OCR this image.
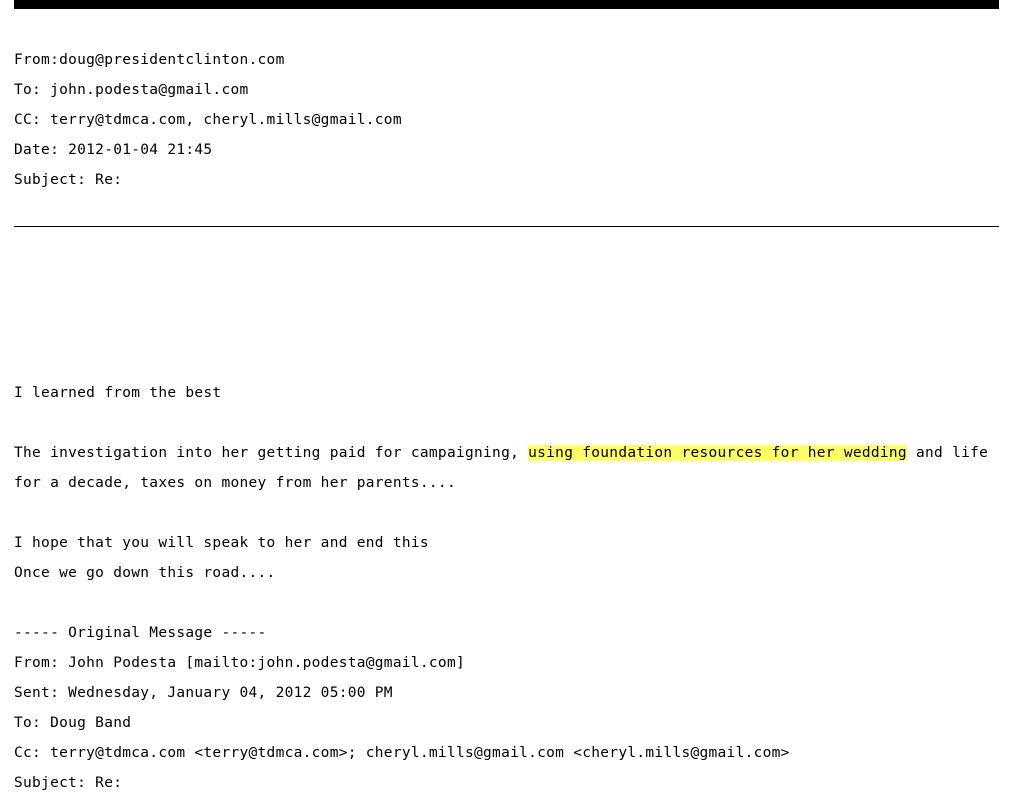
From:doug@presidentclinton.com
To: john.podesta@gmail.com
CC: terry@tdmca.com, cheryl.mills@gmail.com
Date: 2012-01-04 21:45
Subject: Re:
I learned from the best
The investigation into her getting paid for campaigning, using foundation resources for her wedding and life for a decade, taxes on money from her parents....
I hope that you will speak to her and end this
Once we go down this road....
----- Original Message -----
From: John Podesta [mailto:john.podesta@gmail.com]
Sent: Wednesday, January 04, 2012 05:00 PM
To: Doug Band
Cc: terry@tdmca.com <terry@tdmca.com>; cheryl.mills@gmail.com <cheryl.mills@gmail.com>
Subject: Re:
